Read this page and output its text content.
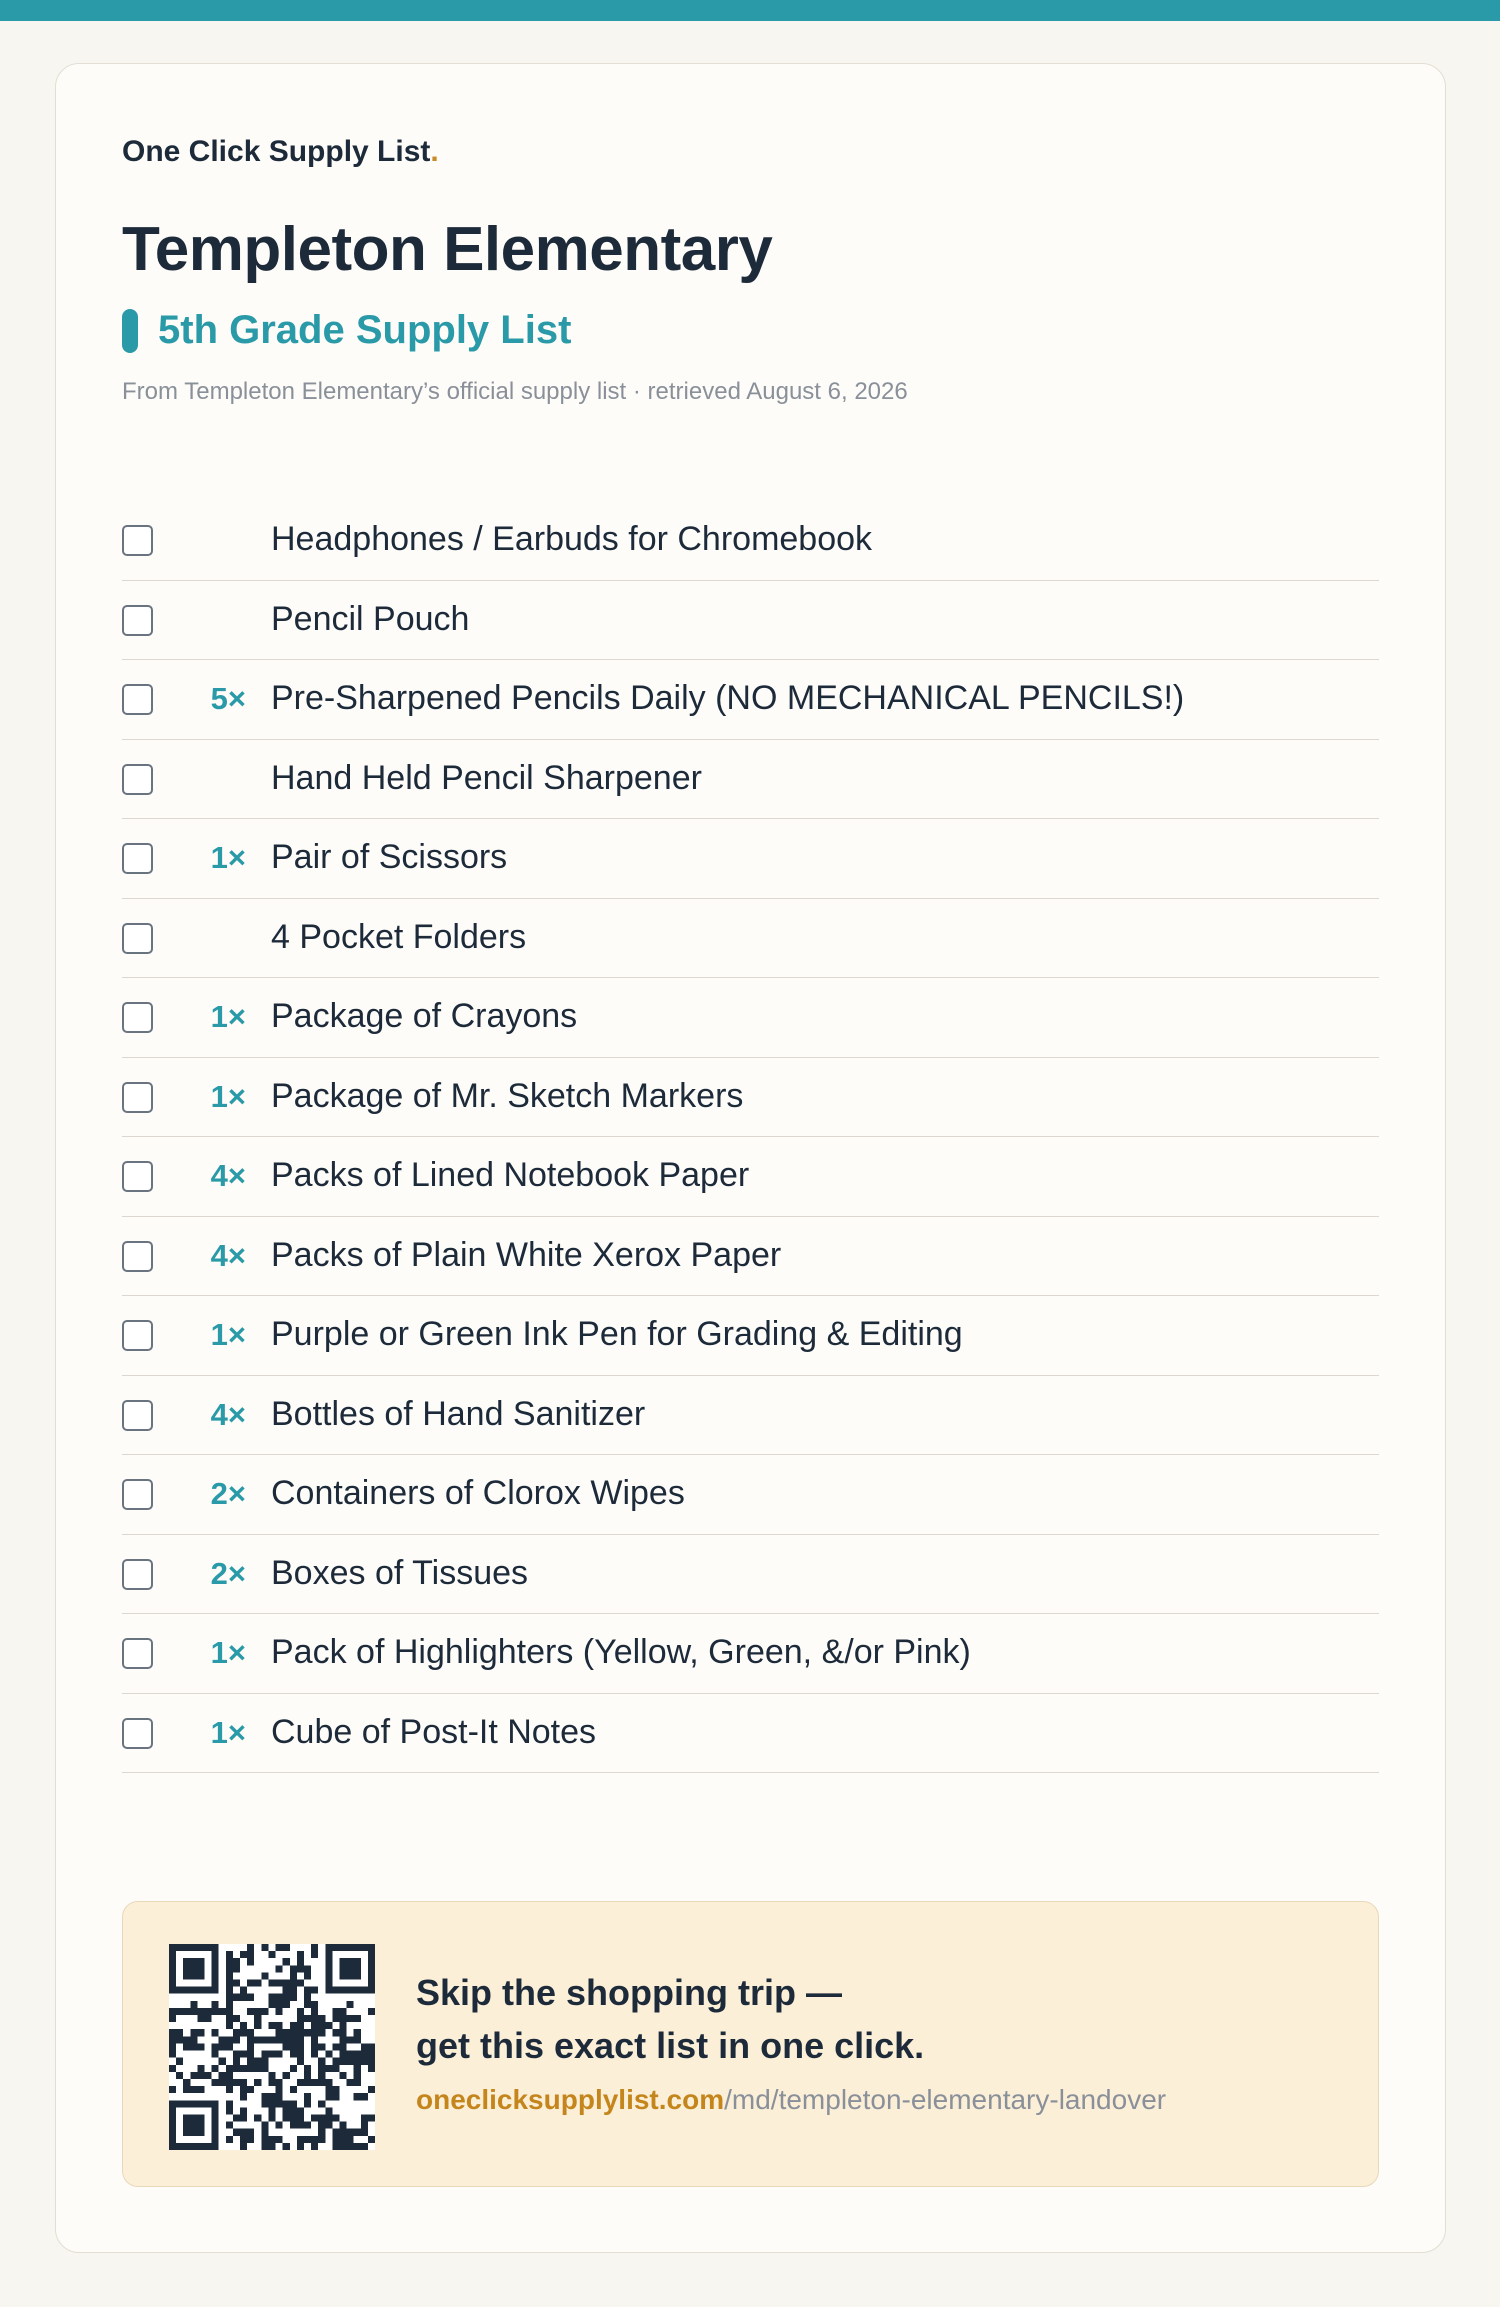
One Click Supply List.
Templeton Elementary
5th Grade Supply List
From Templeton Elementary’s official supply list · retrieved August 6, 2026
Headphones / Earbuds for Chromebook
Pencil Pouch
5× Pre-Sharpened Pencils Daily (NO MECHANICAL PENCILS!)
Hand Held Pencil Sharpener
1× Pair of Scissors
4 Pocket Folders
1× Package of Crayons
1× Package of Mr. Sketch Markers
4× Packs of Lined Notebook Paper
4× Packs of Plain White Xerox Paper
1× Purple or Green Ink Pen for Grading & Editing
4× Bottles of Hand Sanitizer
2× Containers of Clorox Wipes
2× Boxes of Tissues
1× Pack of Highlighters (Yellow, Green, &/or Pink)
1× Cube of Post-It Notes
Skip the shopping trip —
get this exact list in one click.
oneclicksupplylist.com/md/templeton-elementary-landover
